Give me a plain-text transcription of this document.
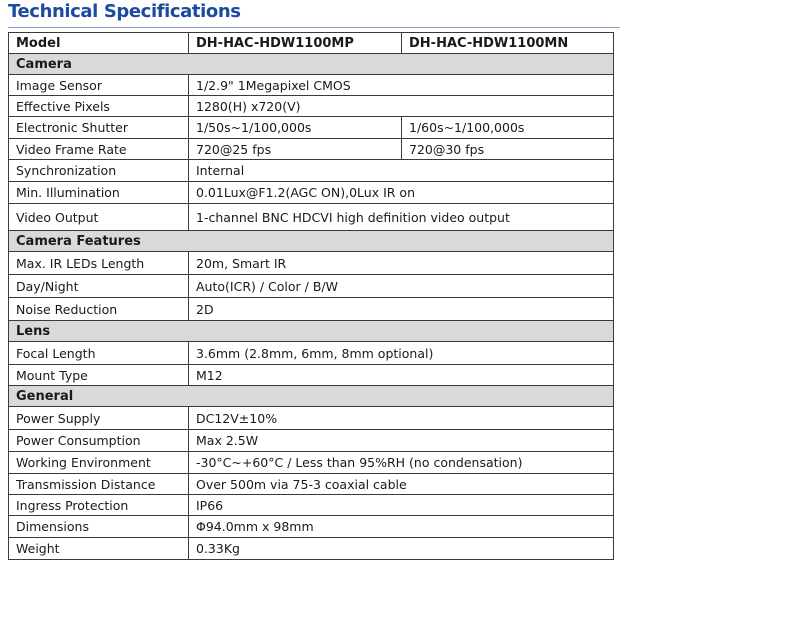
Technical Specifications
Model	DH-HAC-HDW1100MP	DH-HAC-HDW1100MN
Camera		
Image Sensor	1/2.9" 1Megapixel CMOS	
Effective Pixels	1280(H) x720(V)	
Electronic Shutter	1/50s~1/100,000s	1/60s~1/100,000s
Video Frame Rate	720@25 fps	720@30 fps
Synchronization	Internal	
Min. Illumination	0.01Lux@F1.2(AGC ON),0Lux IR on	
Video Output	1-channel BNC HDCVI high definition video output	
Camera Features		
Max. IR LEDs Length	20m, Smart IR	
Day/Night	Auto(ICR) / Color / B/W	
Noise Reduction	2D	
Lens		
Focal Length	3.6mm (2.8mm, 6mm, 8mm optional)	
Mount Type	M12	
General		
Power Supply	DC12V±10%	
Power Consumption	Max 2.5W	
Working Environment	-30°C~+60°C / Less than 95%RH (no condensation)	
Transmission Distance	Over 500m via 75-3 coaxial cable	
Ingress Protection	IP66	
Dimensions	Φ94.0mm x 98mm	
Weight	0.33Kg	
